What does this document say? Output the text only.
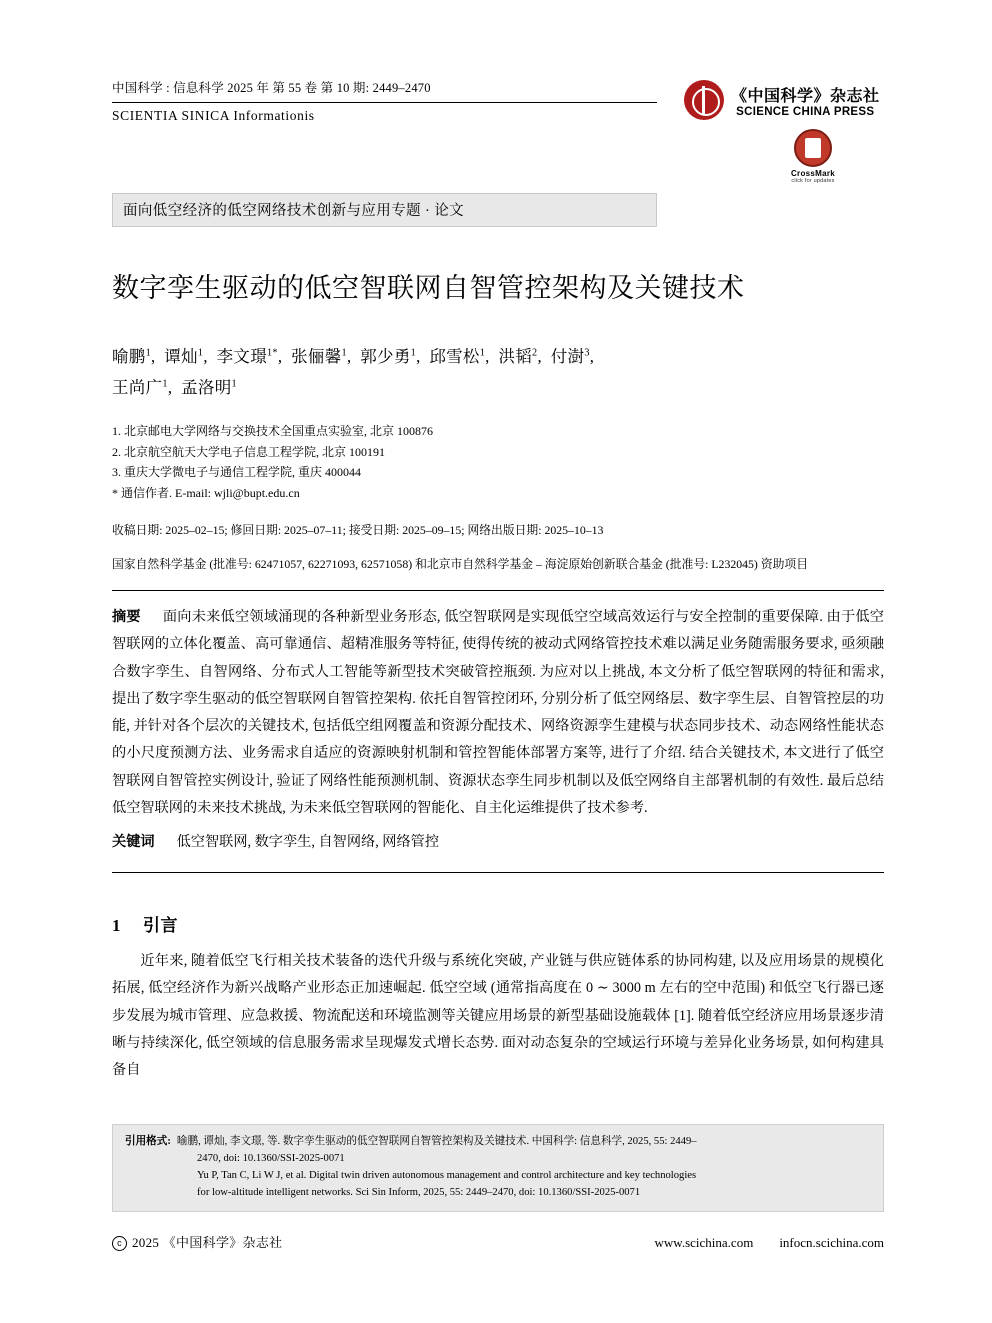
中国科学 : 信息科学 2025 年 第 55 卷 第 10 期: 2449–2470
SCIENTIA SINICA Informationis
《中国科学》杂志社
SCIENCE CHINA PRESS
CrossMark
click for updates
面向低空经济的低空网络技术创新与应用专题 · 论文
数字孪生驱动的低空智联网自智管控架构及关键技术
喻鹏$^1$,  谭灿$^1$,  李文璟$^{1*}$,  张俪馨$^1$,  郭少勇$^1$,  邱雪松$^1$,  洪韬$^2$,  付澍$^3$,
王尚广$^1$,  孟洛明$^1$
1. 北京邮电大学网络与交换技术全国重点实验室, 北京 100876
2. 北京航空航天大学电子信息工程学院, 北京 100191
3. 重庆大学微电子与通信工程学院, 重庆 400044
* 通信作者. E-mail: wjli@bupt.edu.cn
收稿日期: 2025–02–15; 修回日期: 2025–07–11; 接受日期: 2025–09–15; 网络出版日期: 2025–10–13
国家自然科学基金 (批准号: 62471057, 62271093, 62571058) 和北京市自然科学基金 – 海淀原始创新联合基金 (批准号: L232045) 资助项目
摘要 面向未来低空领域涌现的各种新型业务形态, 低空智联网是实现低空空域高效运行与安全控制的重要保障. 由于低空智联网的立体化覆盖、高可靠通信、超精准服务等特征, 使得传统的被动式网络管控技术难以满足业务随需服务要求, 亟须融合数字孪生、自智网络、分布式人工智能等新型技术突破管控瓶颈. 为应对以上挑战, 本文分析了低空智联网的特征和需求, 提出了数字孪生驱动的低空智联网自智管控架构. 依托自智管控闭环, 分别分析了低空网络层、数字孪生层、自智管控层的功能, 并针对各个层次的关键技术, 包括低空组网覆盖和资源分配技术、网络资源孪生建模与状态同步技术、动态网络性能状态的小尺度预测方法、业务需求自适应的资源映射机制和管控智能体部署方案等, 进行了介绍. 结合关键技术, 本文进行了低空智联网自智管控实例设计, 验证了网络性能预测机制、资源状态孪生同步机制以及低空网络自主部署机制的有效性. 最后总结低空智联网的未来技术挑战, 为未来低空智联网的智能化、自主化运维提供了技术参考.
关键词 低空智联网, 数字孪生, 自智网络, 网络管控
1 引言
近年来, 随着低空飞行相关技术装备的迭代升级与系统化突破, 产业链与供应链体系的协同构建, 以及应用场景的规模化拓展, 低空经济作为新兴战略产业形态正加速崛起. 低空空域 (通常指高度在 0 ∼ 3000 m 左右的空中范围) 和低空飞行器已逐步发展为城市管理、应急救援、物流配送和环境监测等关键应用场景的新型基础设施载体 [1]. 随着低空经济应用场景逐步清晰与持续深化, 低空领域的信息服务需求呈现爆发式增长态势. 面对动态复杂的空域运行环境与差异化业务场景, 如何构建具备自
引用格式: 喻鹏, 谭灿, 李文璟, 等. 数字孪生驱动的低空智联网自智管控架构及关键技术. 中国科学: 信息科学, 2025, 55: 2449–
2470, doi: 10.1360/SSI-2025-0071
Yu P, Tan C, Li W J, et al. Digital twin driven autonomous management and control architecture and key technologies
for low-altitude intelligent networks. Sci Sin Inform, 2025, 55: 2449–2470, doi: 10.1360/SSI-2025-0071
c 2025 《中国科学》杂志社	www.scichina.com infocn.scichina.com
